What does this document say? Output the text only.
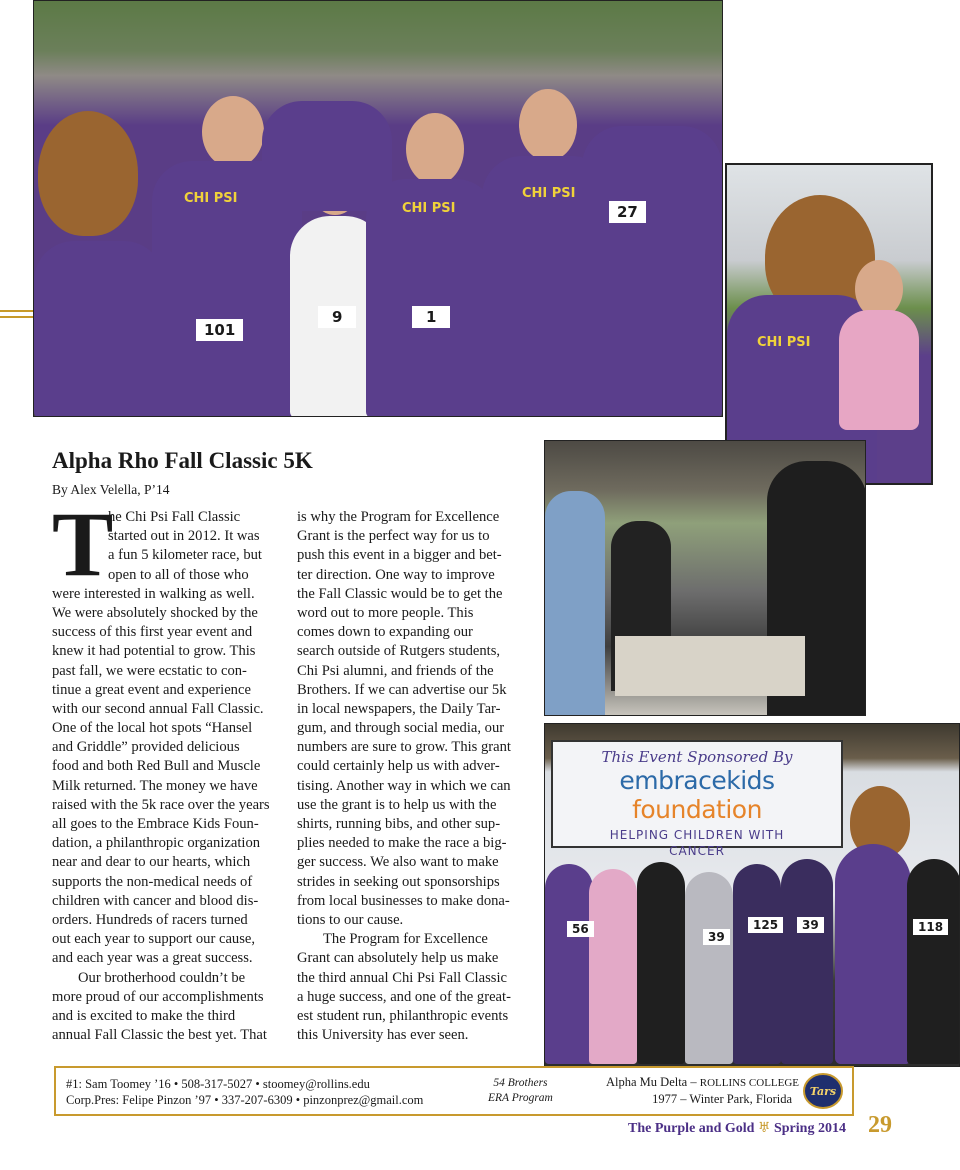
CHI PSI
CHI PSI
CHI PSI
101
9	1
27
CHI PSI
This Event Sponsored By
embracekids foundation
HELPING CHILDREN WITH
CANCER
56
39
125	39	118
Alpha Rho Fall Classic 5K
By Alex Velella, P’14
T
he Chi Psi Fall Classic
started out in 2012. It was
a fun 5 kilometer race, but
open to all of those who
were interested in walking as well.
We were absolutely shocked by the
success of this first year event and
knew it had potential to grow. This
past fall, we were ecstatic to con-
tinue a great event and experience
with our second annual Fall Classic.
One of the local hot spots “Hansel
and Griddle” provided delicious
food and both Red Bull and Muscle
Milk returned. The money we have
raised with the 5k race over the years
all goes to the Embrace Kids Foun-
dation, a philanthropic organization
near and dear to our hearts, which
supports the non-medical needs of
children with cancer and blood dis-
orders. Hundreds of racers turned
out each year to support our cause,
and each year was a great success.
Our brotherhood couldn’t be
more proud of our accomplishments
and is excited to make the third
annual Fall Classic the best yet. That
is why the Program for Excellence
Grant is the perfect way for us to
push this event in a bigger and bet-
ter direction. One way to improve
the Fall Classic would be to get the
word out to more people. This
comes down to expanding our
search outside of Rutgers students,
Chi Psi alumni, and friends of the
Brothers. If we can advertise our 5k
in local newspapers, the Daily Tar-
gum, and through social media, our
numbers are sure to grow. This grant
could certainly help us with adver-
tising. Another way in which we can
use the grant is to help us with the
shirts, running bibs, and other sup-
plies needed to make the race a big-
ger success. We also want to make
strides in seeking out sponsorships
from local businesses to make dona-
tions to our cause.
The Program for Excellence
Grant can absolutely help us make
the third annual Chi Psi Fall Classic
a huge success, and one of the great-
est student run, philanthropic events
this University has ever seen.
#1: Sam Toomey ’16 • 508-317-5027 • stoomey@rollins.edu
Corp.Pres: Felipe Pinzon ’97 • 337-207-6309 • pinzonprez@gmail.com
54 Brothers
ERA Program
Alpha Mu Delta – ROLLINS COLLEGE
1977 – Winter Park, Florida
Tars
The Purple and Gold ♅ Spring 2014 29
